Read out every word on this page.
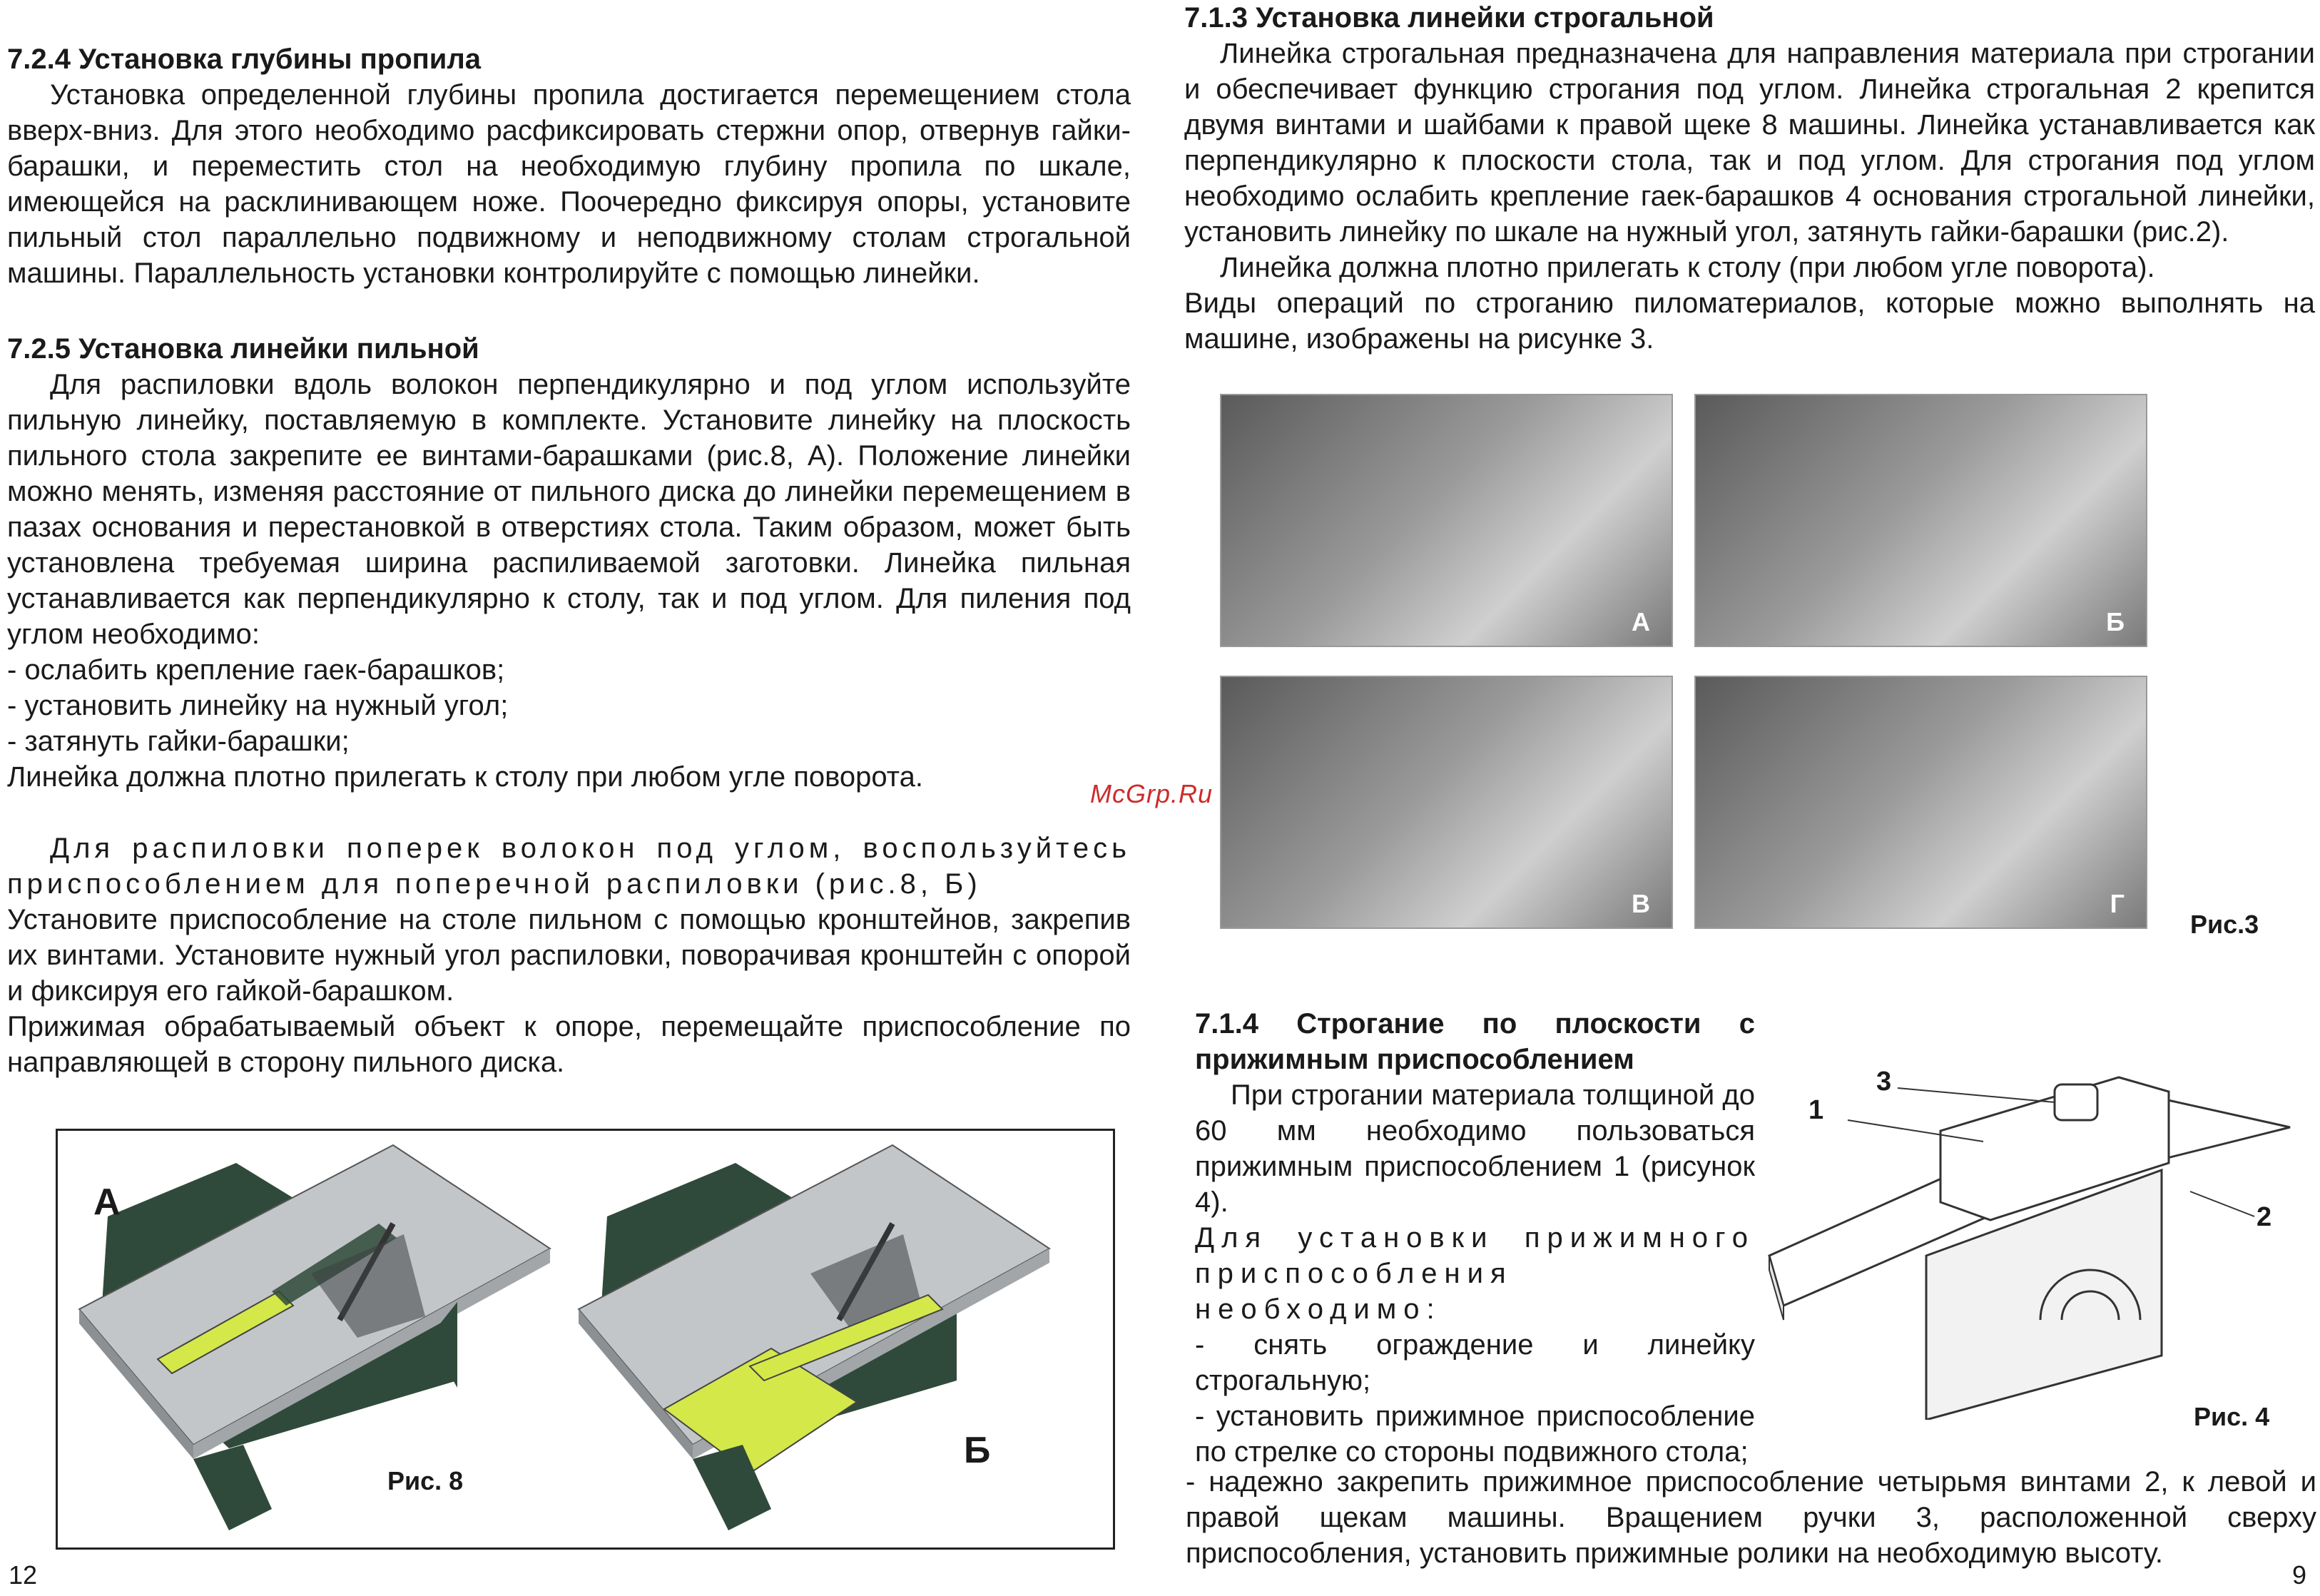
7.2.4 Установка глубины пропила

Установка определенной глубины пропила достигается перемещением стола вверх-вниз. Для этого необходимо расфиксировать стержни опор, отвернув гайки-барашки, и переместить стол на необходимую глубину пропила по шкале, имеющейся на расклинивающем ноже. Поочередно фиксируя опоры, установите пильный стол параллельно подвижному и неподвижному столам строгальной машины. Параллельность установки контролируйте с помощью линейки.

7.2.5 Установка линейки пильной

Для распиловки вдоль волокон перпендикулярно и под углом используйте пильную линейку, поставляемую в комплекте. Установите линейку на плоскость пильного стола закрепите ее винтами-барашками (рис.8, А). Положение линейки можно менять, изменяя расстояние от пильного диска до линейки перемещением в пазах основания и перестановкой в отверстиях стола. Таким образом, может быть установлена требуемая ширина распиливаемой заготовки. Линейка пильная устанавливается как перпендикулярно к столу, так и под углом. Для пиления под углом необходимо:

- ослабить крепление гаек-барашков;

- установить линейку на нужный угол;

- затянуть гайки-барашки;

Линейка должна плотно прилегать к столу при любом угле поворота.

Для распиловки поперек волокон под углом, воспользуйтесь приспособлением для поперечной распиловки (рис.8, Б)

Установите приспособление на столе пильном с помощью кронштейнов, закрепив их винтами. Установите нужный угол распиловки, поворачивая кронштейн с опорой и фиксируя его гайкой-барашком.

Прижимая обрабатываемый объект к опоре, перемещайте приспособление по направляющей в сторону пильного диска.

А
Б
Рис. 8
12
McGrp.Ru
7.1.3 Установка линейки строгальной

Линейка строгальная предназначена для направления материала при строгании и обеспечивает функцию строгания под углом. Линейка строгальная 2 крепится двумя винтами и шайбами к правой щеке 8 машины. Линейка устанавливается как перпендикулярно к плоскости стола, так и под углом. Для строгания под углом необходимо ослабить крепление гаек-барашков 4 основания строгальной линейки, установить линейку по шкале на нужный угол, затянуть гайки-барашки (рис.2).

Линейка должна плотно прилегать к столу (при любом угле поворота).

Виды операций по строганию пиломатериалов, которые можно выполнять на машине, изображены на рисунке 3.

А	Б
В	Г
Рис.3
7.1.4 Строгание по плоскости с прижимным приспособлением

При строгании материала толщиной до 60 мм необходимо пользоваться прижимным приспособлением 1 (рисунок 4).

Для установки прижимного приспособления необходимо:

- снять ограждение и линейку строгальную;

- установить прижимное приспособление по стрелке со стороны подвижного стола;

1
3
2
Рис. 4

- надежно закрепить прижимное приспособление четырьмя винтами 2, к левой и правой щекам машины. Вращением ручки 3, расположенной сверху приспособления, установить прижимные ролики на необходимую высоту.

9
